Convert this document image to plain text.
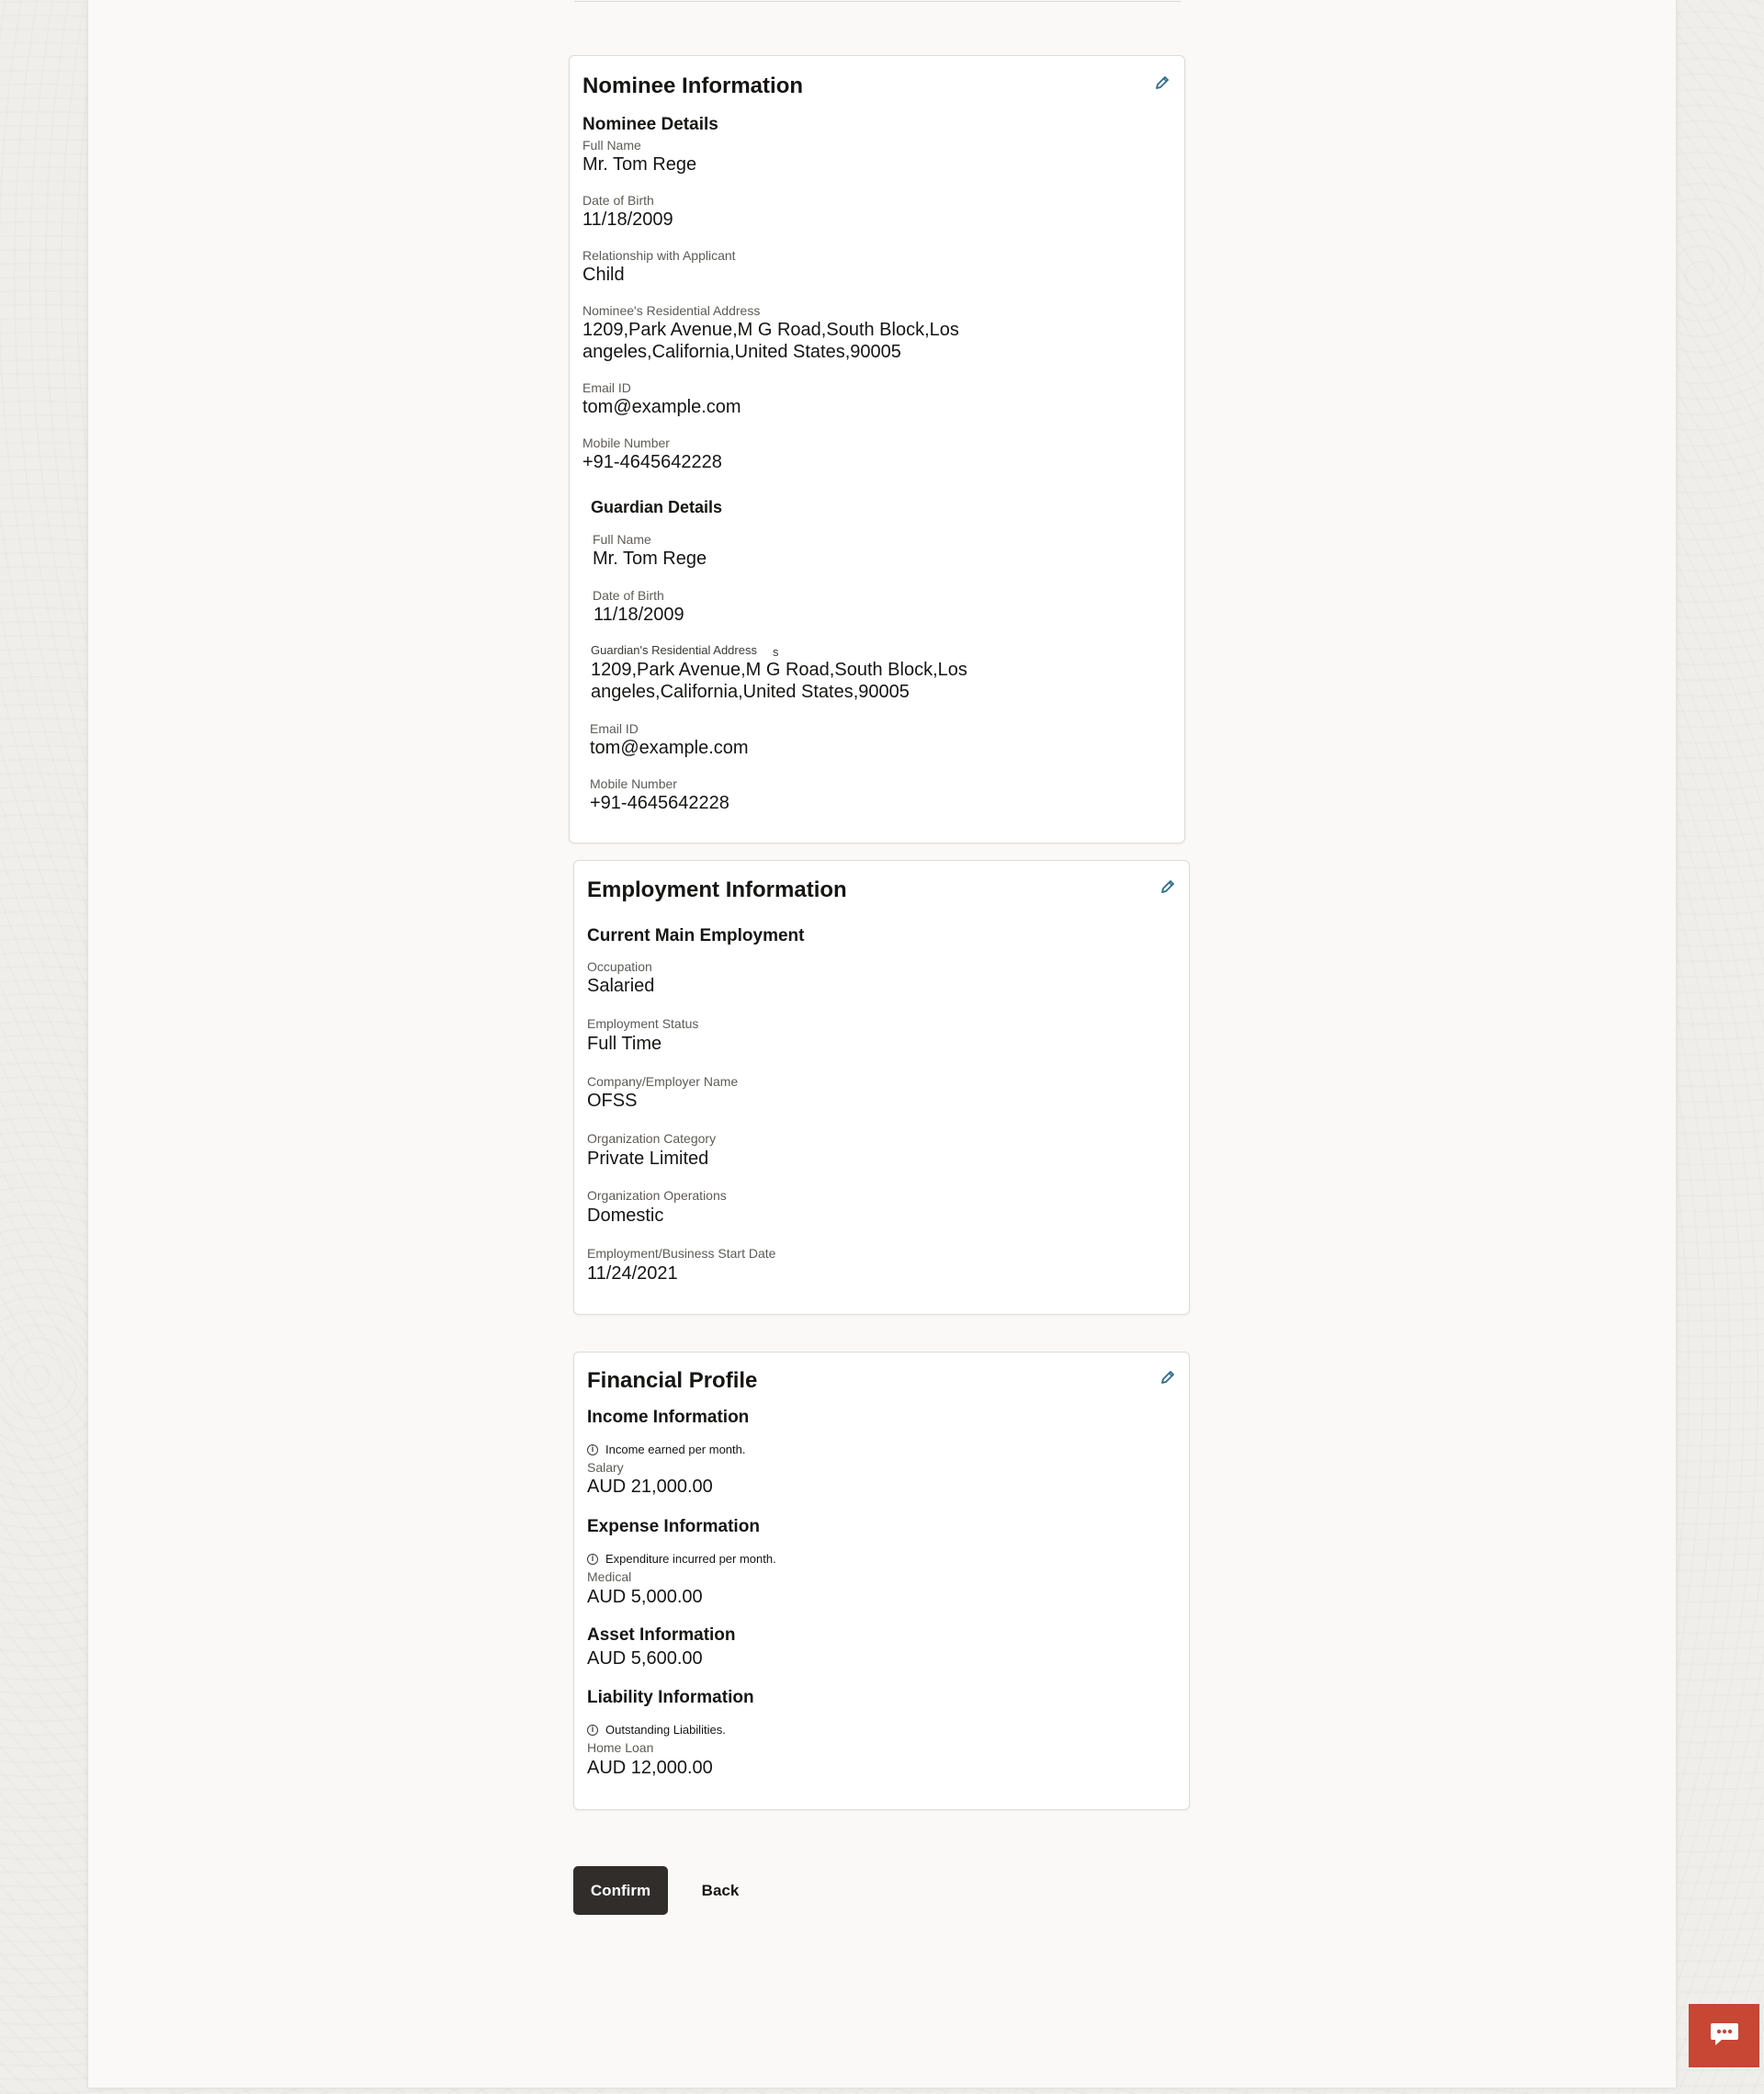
Nominee Information
Nominee Details
Full Name
Mr. Tom Rege
Date of Birth
11/18/2009
Relationship with Applicant
Child
Nominee's Residential Address
1209,Park Avenue,M G Road,South Block,Los
angeles,California,United States,90005
Email ID
tom@example.com
Mobile Number
+91-4645642228
Guardian Details
Full Name
Mr. Tom Rege
Date of Birth
11/18/2009
Guardian's Residential Address s
1209,Park Avenue,M G Road,South Block,Los
angeles,California,United States,90005
Email ID
tom@example.com
Mobile Number
+91-4645642228
Employment Information
Current Main Employment
Occupation
Salaried
Employment Status
Full Time
Company/Employer Name
OFSS
Organization Category
Private Limited
Organization Operations
Domestic
Employment/Business Start Date
11/24/2021
Financial Profile
Income Information
i Income earned per month.
Salary
AUD 21,000.00
Expense Information
i Expenditure incurred per month.
Medical
AUD 5,000.00
Asset Information
AUD 5,600.00
Liability Information
i Outstanding Liabilities.
Home Loan
AUD 12,000.00
Confirm	Back
